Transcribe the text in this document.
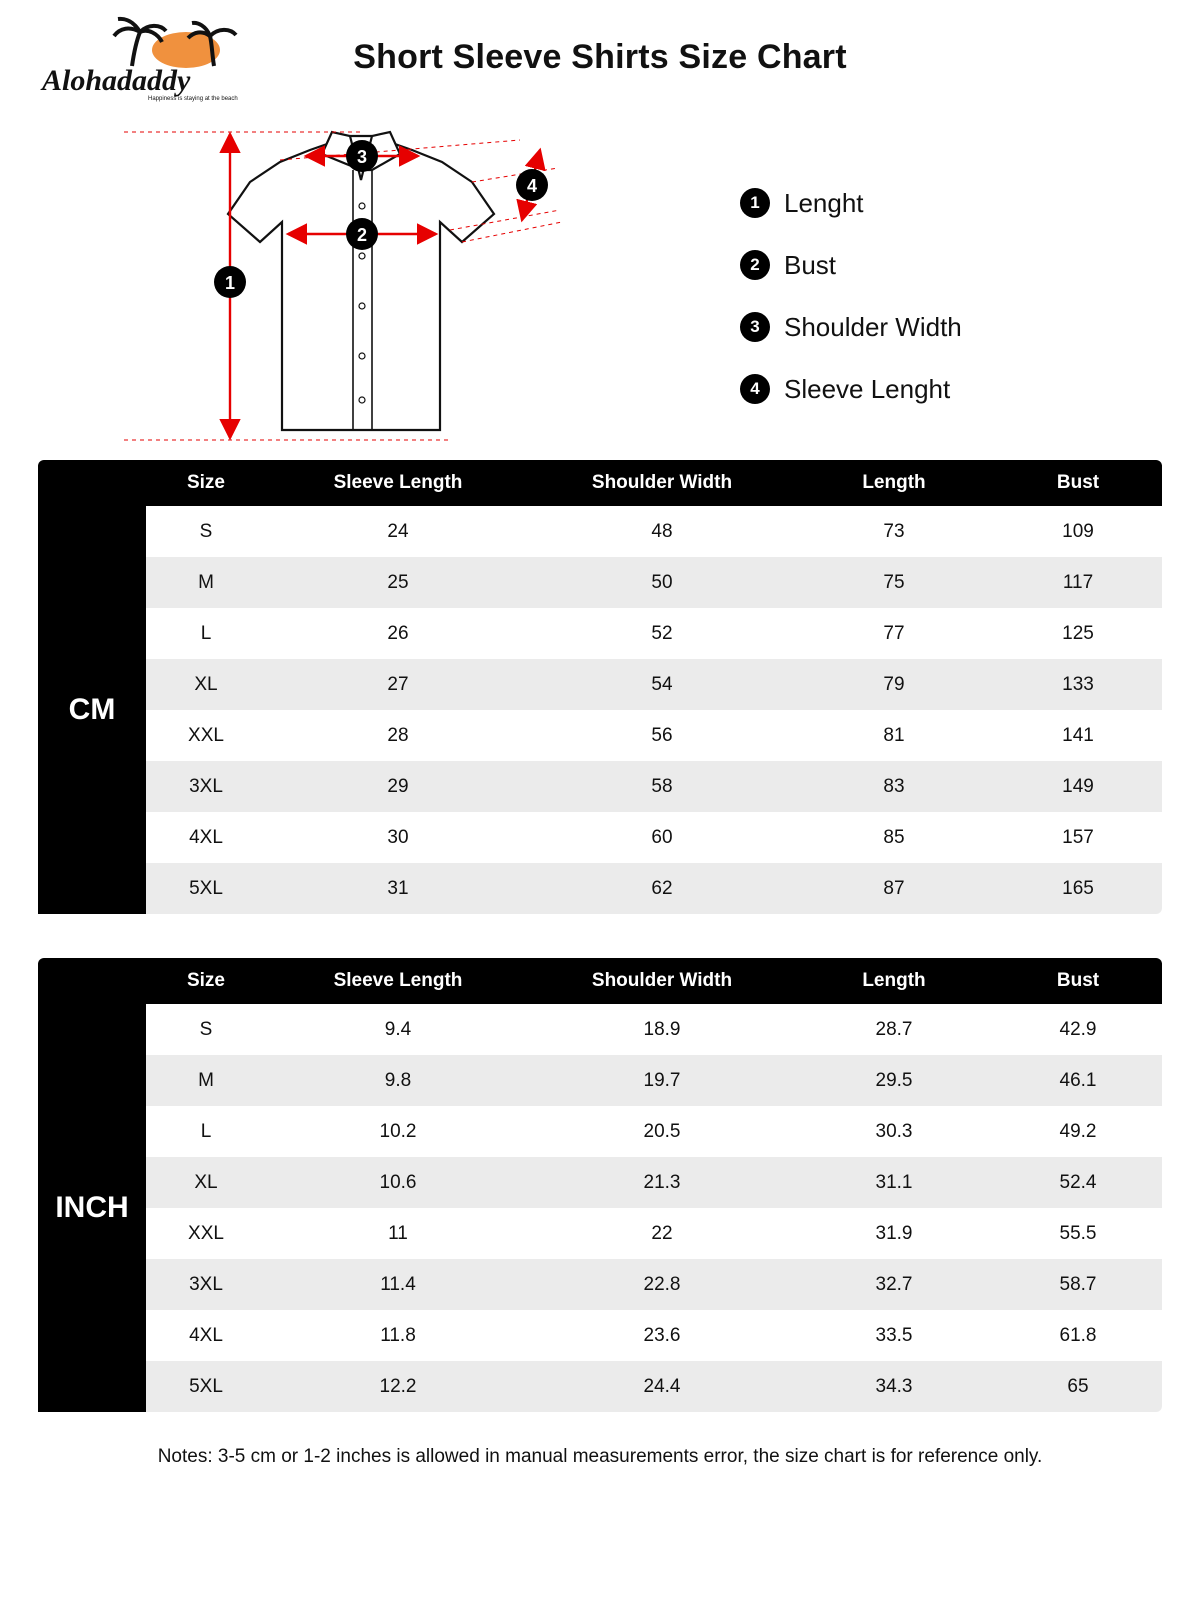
Alohadaddy
Happiness is staying at the beach
Short Sleeve Shirts Size Chart
1
2
3
4
1 Lenght
2 Bust
3 Shoulder Width
4 Sleeve Lenght
	Size	Sleeve Length	Shoulder Width	Length	Bust
CM	S	24	48	73	109
	M	25	50	75	117
	L	26	52	77	125
	XL	27	54	79	133
	XXL	28	56	81	141
	3XL	29	58	83	149
	4XL	30	60	85	157
	5XL	31	62	87	165
	Size	Sleeve Length	Shoulder Width	Length	Bust
INCH	S	9.4	18.9	28.7	42.9
	M	9.8	19.7	29.5	46.1
	L	10.2	20.5	30.3	49.2
	XL	10.6	21.3	31.1	52.4
	XXL	11	22	31.9	55.5
	3XL	11.4	22.8	32.7	58.7
	4XL	11.8	23.6	33.5	61.8
	5XL	12.2	24.4	34.3	65
Notes: 3-5 cm or 1-2 inches is allowed in manual measurements error, the size chart is for reference only.
